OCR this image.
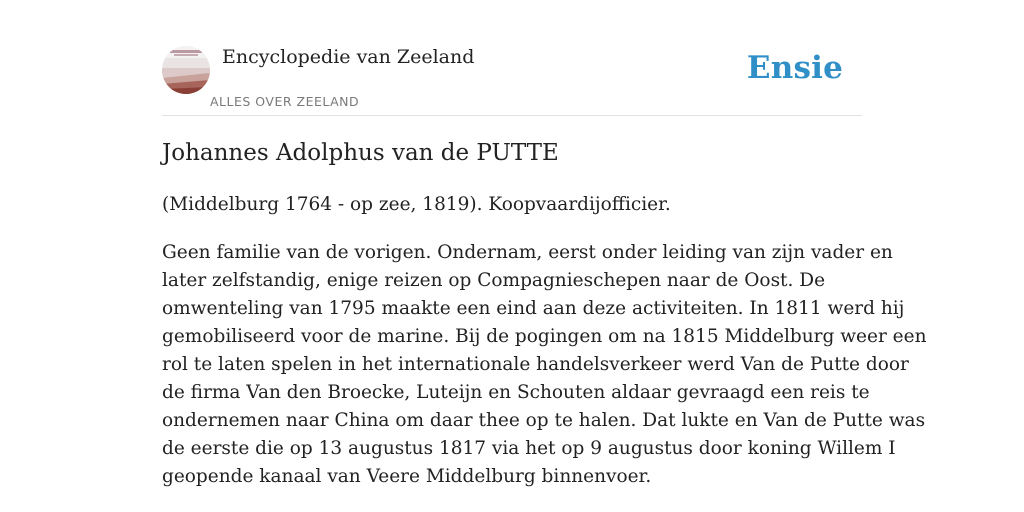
Encyclopedie van Zeeland
ALLES OVER ZEELAND
Ensie
Johannes Adolphus van de PUTTE

(Middelburg 1764 - op zee, 1819). Koopvaardijofficier.

Geen familie van de vorigen. Ondernam, eerst onder leiding van zijn vader en
later zelfstandig, enige reizen op Compagnieschepen naar de Oost. De
omwenteling van 1795 maakte een eind aan deze activiteiten. In 1811 werd hij
gemobiliseerd voor de marine. Bij de pogingen om na 1815 Middelburg weer een
rol te laten spelen in het internationale handelsverkeer werd Van de Putte door
de firma Van den Broecke, Luteijn en Schouten aldaar gevraagd een reis te
ondernemen naar China om daar thee op te halen. Dat lukte en Van de Putte was
de eerste die op 13 augustus 1817 via het op 9 augustus door koning Willem I
geopende kanaal van Veere Middelburg binnenvoer.
